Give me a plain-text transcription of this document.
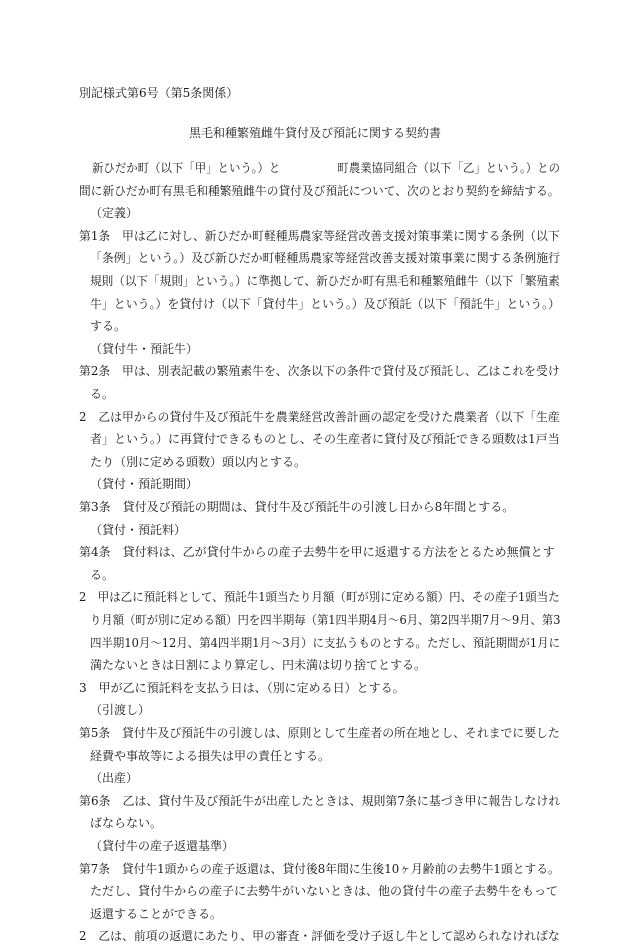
別記様式第6号（第5条関係）
黒毛和種繁殖雌牛貸付及び預託に関する契約書
新ひだか町（以下「甲」という。）と　　　　　町農業協同組合（以下「乙」という。）との
間に新ひだか町有黒毛和種繁殖雌牛の貸付及び預託について、次のとおり契約を締結する。
（定義）
第1条　甲は乙に対し、新ひだか町軽種馬農家等経営改善支援対策事業に関する条例（以下
「条例」という。）及び新ひだか町軽種馬農家等経営改善支援対策事業に関する条例施行
規則（以下「規則」という。）に準拠して、新ひだか町有黒毛和種繁殖雌牛（以下「繁殖素
牛」という。）を貸付け（以下「貸付牛」という。）及び預託（以下「預託牛」という。）
する。
（貸付牛・預託牛）
第2条　甲は、別表記載の繁殖素牛を、次条以下の条件で貸付及び預託し、乙はこれを受け
る。
2　乙は甲からの貸付牛及び預託牛を農業経営改善計画の認定を受けた農業者（以下「生産
者」という。）に再貸付できるものとし、その生産者に貸付及び預託できる頭数は1戸当
たり（別に定める頭数）頭以内とする。
（貸付・預託期間）
第3条　貸付及び預託の期間は、貸付牛及び預託牛の引渡し日から8年間とする。
（貸付・預託料）
第4条　貸付料は、乙が貸付牛からの産子去勢牛を甲に返還する方法をとるため無償とす
る。
2　甲は乙に預託料として、預託牛1頭当たり月額（町が別に定める額）円、その産子1頭当た
り月額（町が別に定める額）円を四半期毎（第1四半期4月～6月、第2四半期7月～9月、第3
四半期10月～12月、第4四半期1月～3月）に支払うものとする。ただし、預託期間が1月に
満たないときは日割により算定し、円未満は切り捨てとする。
3　甲が乙に預託料を支払う日は、（別に定める日）とする。
（引渡し）
第5条　貸付牛及び預託牛の引渡しは、原則として生産者の所在地とし、それまでに要した
経費や事故等による損失は甲の責任とする。
（出産）
第6条　乙は、貸付牛及び預託牛が出産したときは、規則第7条に基づき甲に報告しなけれ
ばならない。
（貸付牛の産子返還基準）
第7条　貸付牛1頭からの産子返還は、貸付後8年間に生後10ヶ月齢前の去勢牛1頭とする。
ただし、貸付牛からの産子に去勢牛がいないときは、他の貸付牛の産子去勢牛をもって
返還することができる。
2　乙は、前項の返還にあたり、甲の審査・評価を受け子返し牛として認められなければな
